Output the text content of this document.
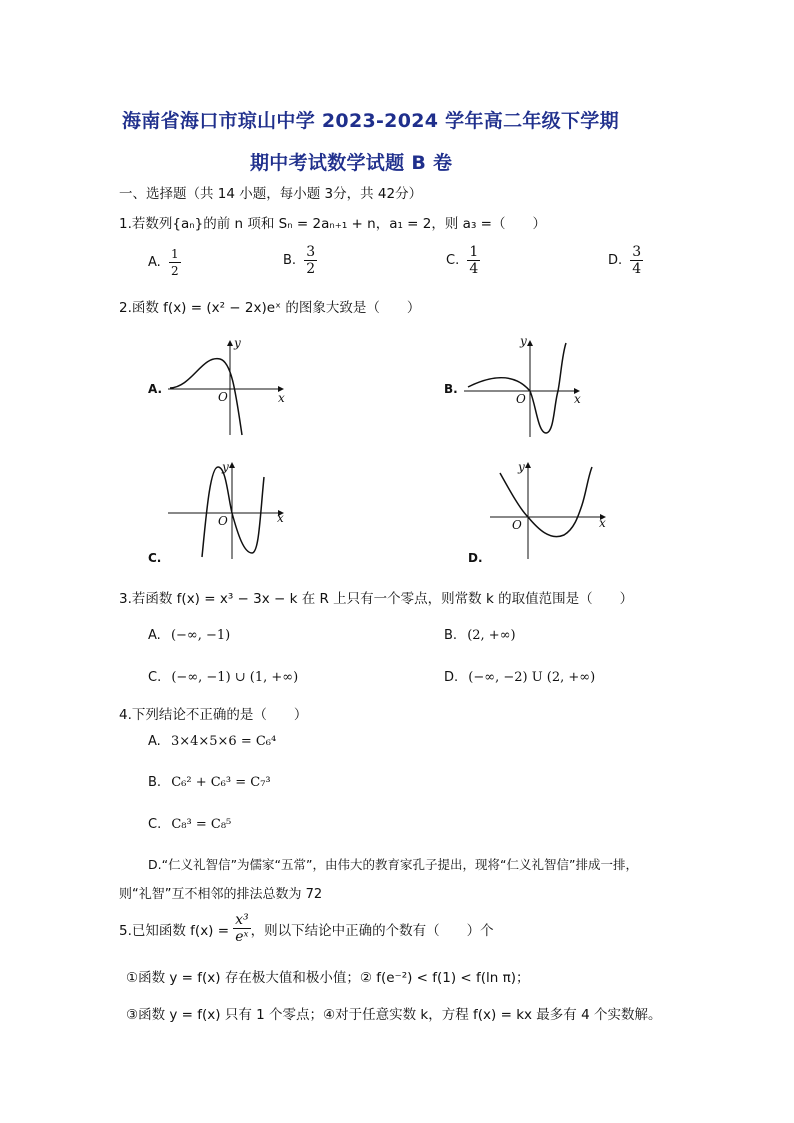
海南省海口市琼山中学 2023-2024 学年高二年级下学期
期中考试数学试题 B 卷
一、选择题（共 14 小题，每小题 3分，共 42分）
1.若数列{aₙ}的前 n 项和 Sₙ = 2aₙ₊₁ + n，a₁ = 2，则 a₃ =（　　）
A. $\frac{1}{2}$	B. $\frac{3}{2}$	C. $\frac{1}{4}$	D. $\frac{3}{4}$
2.函数 f(x) = (x² − 2x)eˣ 的图象大致是（　　）
A.
y
x
O
B.
y
x
O
y
x
O
C.
y
x
O
D.
3.若函数 f(x) = x³ − 3x − k 在 R 上只有一个零点，则常数 k 的取值范围是（　　）
A. (−∞, −1)	B. (2, +∞)
C. (−∞, −1) ∪ (1, +∞)	D. (−∞, −2) U (2, +∞)
4.下列结论不正确的是（　　）
A. 3×4×5×6 = C₆⁴
B. C₆² + C₆³ = C₇³
C. C₈³ = C₈⁵
D.“仁义礼智信”为儒家“五常”，由伟大的教育家孔子提出，现将“仁义礼智信”排成一排，
则“礼智”互不相邻的排法总数为 72
5.已知函数 $f(x) = \frac{\text{x³}}{\text{eˣ}}$ ，则以下结论中正确的个数有（　　）个
①函数 y = f(x) 存在极大值和极小值；② f(e⁻²) < f(1) < f(ln π)；
③函数 y = f(x) 只有 1 个零点；④对于任意实数 k，方程 f(x) = kx 最多有 4 个实数解。
